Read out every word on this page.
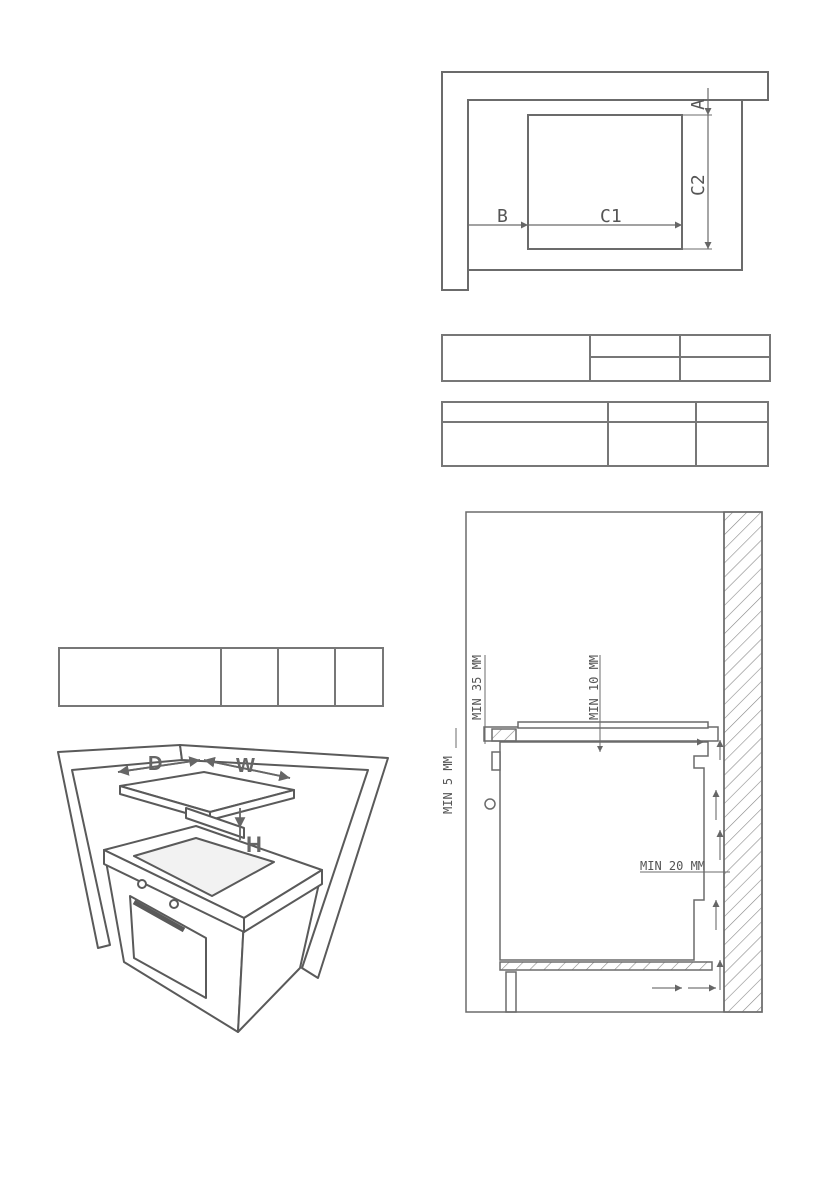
B	C1
C2
A
D	W
H
MIN 35 MM	MIN 10 MM
MIN 5 MM
MIN 20 MM
